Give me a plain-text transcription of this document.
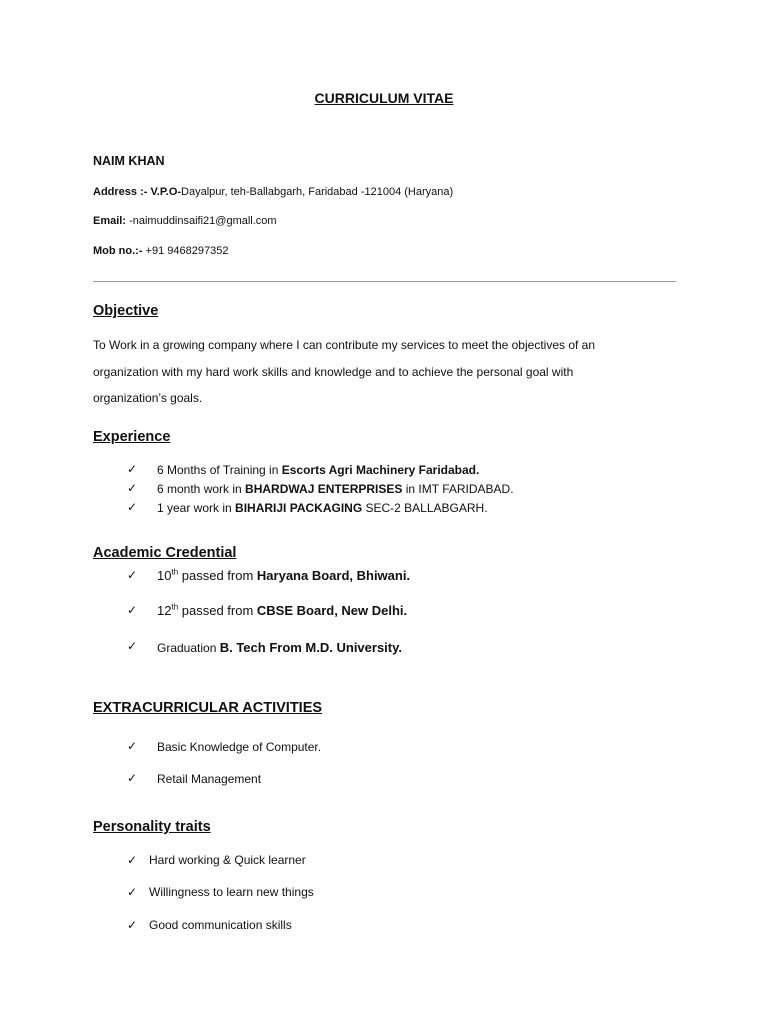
CURRICULUM VITAE
NAIM KHAN
Address :- V.P.O-Dayalpur, teh-Ballabgarh, Faridabad -121004 (Haryana)
Email: -naimuddinsaifi21@gmall.com
Mob no.:- +91 9468297352
Objective
To Work in a growing company where I can contribute my services to meet the objectives of an
organization with my hard work skills and knowledge and to achieve the personal goal with
organization’s goals.
Experience
✓ 6 Months of Training in Escorts Agri Machinery Faridabad.
✓ 6 month work in BHARDWAJ ENTERPRISES in IMT FARIDABAD.
✓ 1 year work in BIHARIJI PACKAGING SEC-2 BALLABGARH.
Academic Credential
✓ 10th passed from Haryana Board, Bhiwani.
✓ 12th passed from CBSE Board, New Delhi.
✓ Graduation B. Tech From M.D. University.
EXTRACURRICULAR ACTIVITIES
✓ Basic Knowledge of Computer.
✓ Retail Management
Personality traits
✓ Hard working & Quick learner
✓ Willingness to learn new things
✓ Good communication skills
